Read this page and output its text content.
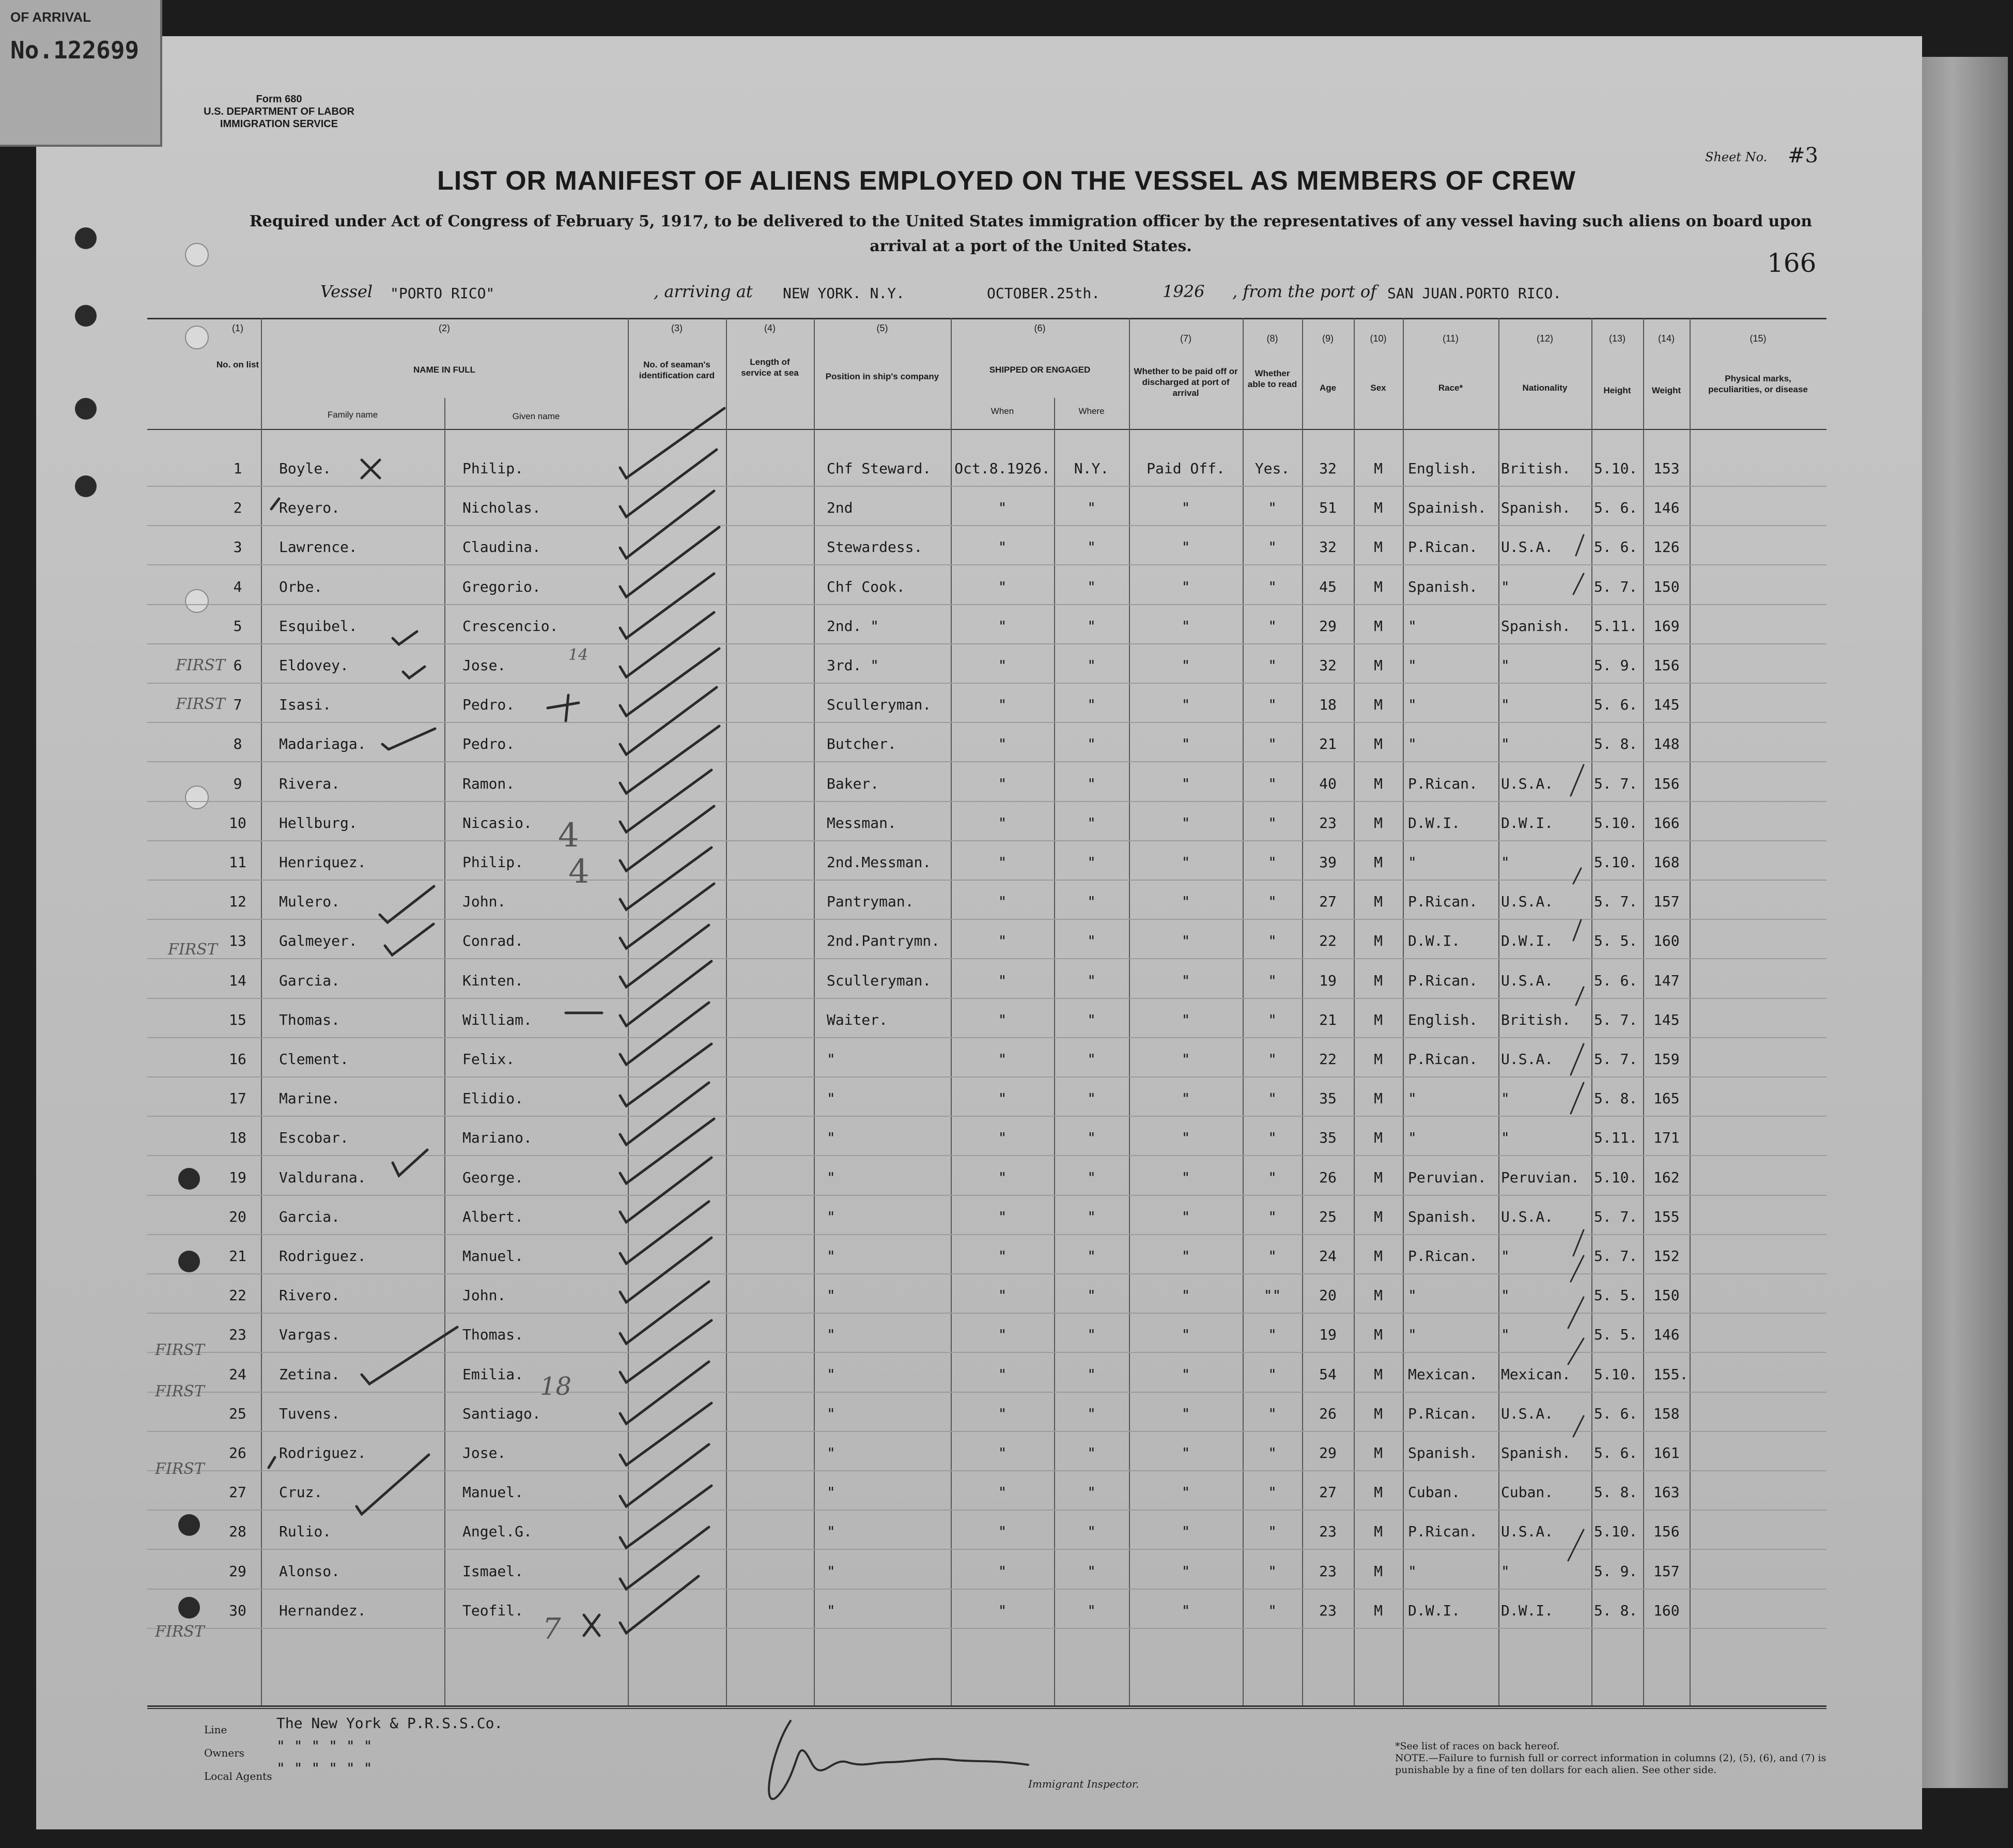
OF ARRIVAL
No.122699
Form 680
U.S. DEPARTMENT OF LABOR
IMMIGRATION SERVICE
Sheet No. #3
LIST OR MANIFEST OF ALIENS EMPLOYED ON THE VESSEL AS MEMBERS OF CREW
Required under Act of Congress of February 5, 1917, to be delivered to the United States immigration officer by the representatives of any vessel having such aliens on board upon arrival at a port of the United States.
166
Vessel "PORTO RICO"	, arriving at NEW YORK. N.Y.	OCTOBER.25th.	1926 , from the port of SAN JUAN.PORTO RICO.
(1)	(2)	(3)	(4)	(5)	(6)
(7)	(8)	(9)	(10)	(11)	(12)	(13)	(14)	(15)
No. on list
NAME IN FULL
Family name	Given name
No. of seaman's identification card
Length of service at sea	Position in ship's company
SHIPPED OR ENGAGED
When	Where
Whether to be paid off or discharged at port of arrival
Whether able to read	Age	Sex	Race*	Nationality	Height	Weight
Physical marks, peculiarities, or disease
1	Boyle.	Philip.	Chf Steward.	Oct.8.1926.	N.Y.	Paid Off.	Yes.	32	M	English.	British.	5.10.	153
2	Reyero.	Nicholas.	2nd	"	"	"	"	51	M	Spainish.	Spanish.	5. 6.	146
3	Lawrence.	Claudina.	Stewardess.	"	"	"	"	32	M	P.Rican.	U.S.A.	5. 6.	126
4	Orbe.	Gregorio.	Chf Cook.	"	"	"	"	45	M	Spanish.	"	5. 7.	150
5	Esquibel.	Crescencio.	2nd. "	"	"	"	"	29	M	"	Spanish.	5.11.	169
6	Eldovey.	Jose.	3rd. "	"	"	"	"	32	M	"	"	5. 9.	156
7	Isasi.	Pedro.	Sculleryman.	"	"	"	"	18	M	"	"	5. 6.	145
8	Madariaga.	Pedro.	Butcher.	"	"	"	"	21	M	"	"	5. 8.	148
9	Rivera.	Ramon.	Baker.	"	"	"	"	40	M	P.Rican.	U.S.A.	5. 7.	156
10	Hellburg.	Nicasio.	Messman.	"	"	"	"	23	M	D.W.I.	D.W.I.	5.10.	166
11	Henriquez.	Philip.	2nd.Messman.	"	"	"	"	39	M	"	"	5.10.	168
12	Mulero.	John.	Pantryman.	"	"	"	"	27	M	P.Rican.	U.S.A.	5. 7.	157
13	Galmeyer.	Conrad.	2nd.Pantrymn.	"	"	"	"	22	M	D.W.I.	D.W.I.	5. 5.	160
14	Garcia.	Kinten.	Sculleryman.	"	"	"	"	19	M	P.Rican.	U.S.A.	5. 6.	147
15	Thomas.	William.	Waiter.	"	"	"	"	21	M	English.	British.	5. 7.	145
16	Clement.	Felix.	"	"	"	"	"	22	M	P.Rican.	U.S.A.	5. 7.	159
17	Marine.	Elidio.	"	"	"	"	"	35	M	"	"	5. 8.	165
18	Escobar.	Mariano.	"	"	"	"	"	35	M	"	"	5.11.	171
19	Valdurana.	George.	"	"	"	"	"	26	M	Peruvian.	Peruvian.	5.10.	162
20	Garcia.	Albert.	"	"	"	"	"	25	M	Spanish.	U.S.A.	5. 7.	155
21	Rodriguez.	Manuel.	"	"	"	"	"	24	M	P.Rican.	"	5. 7.	152
22	Rivero.	John.	"	"	"	"	""	20	M	"	"	5. 5.	150
23	Vargas.	Thomas.	"	"	"	"	"	19	M	"	"	5. 5.	146
24	Zetina.	Emilia.	"	"	"	"	"	54	M	Mexican.	Mexican.	5.10.	155.
25	Tuvens.	Santiago.	"	"	"	"	"	26	M	P.Rican.	U.S.A.	5. 6.	158
26	Rodriguez.	Jose.	"	"	"	"	"	29	M	Spanish.	Spanish.	5. 6.	161
27	Cruz.	Manuel.	"	"	"	"	"	27	M	Cuban.	Cuban.	5. 8.	163
28	Rulio.	Angel.G.	"	"	"	"	"	23	M	P.Rican.	U.S.A.	5.10.	156
29	Alonso.	Ismael.	"	"	"	"	"	23	M	"	"	5. 9.	157
30	Hernandez.	Teofil.	"	"	"	"	"	23	M	D.W.I.	D.W.I.	5. 8.	160
FIRST
FIRST
FIRST
FIRST
FIRST
FIRST
FIRST
14
4
4
18
7
Line	The New York & P.R.S.S.Co.
Owners " " " " " "
Local Agents " " " " " "
Immigrant Inspector.
*See list of races on back hereof.
NOTE.—Failure to furnish full or correct information in columns (2), (5), (6), and (7) is punishable by a fine of ten dollars for each alien. See other side.
